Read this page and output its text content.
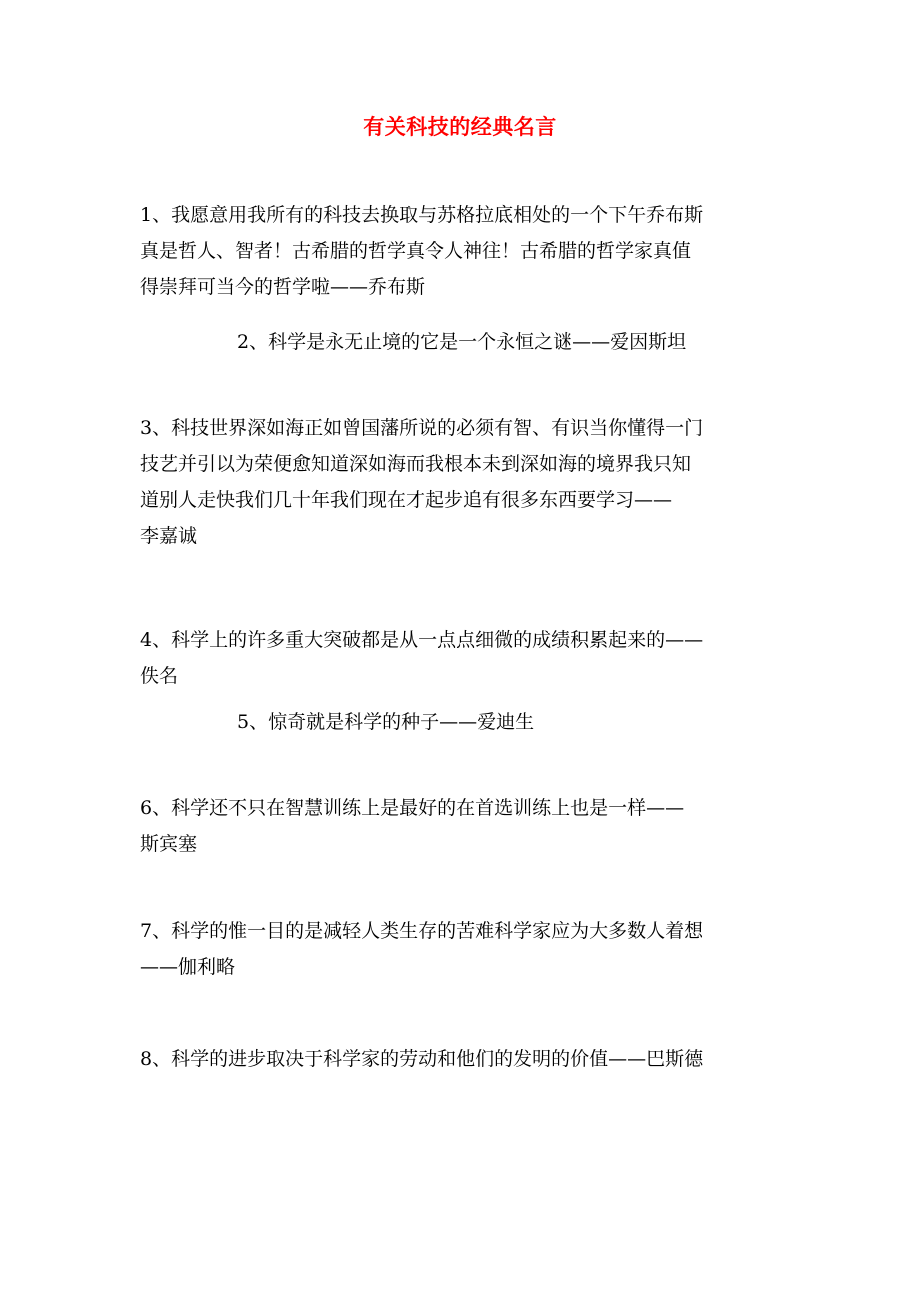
有关科技的经典名言
1、我愿意用我所有的科技去换取与苏格拉底相处的一个下午乔布斯
真是哲人、智者！古希腊的哲学真令人神往！古希腊的哲学家真值
得崇拜可当今的哲学啦——乔布斯
2、科学是永无止境的它是一个永恒之谜——爱因斯坦
3、科技世界深如海正如曾国藩所说的必须有智、有识当你懂得一门
技艺并引以为荣便愈知道深如海而我根本未到深如海的境界我只知
道别人走快我们几十年我们现在才起步追有很多东西要学习——
李嘉诚
4、科学上的许多重大突破都是从一点点细微的成绩积累起来的——
佚名
5、惊奇就是科学的种子——爱迪生
6、科学还不只在智慧训练上是最好的在首选训练上也是一样——
斯宾塞
7、科学的惟一目的是减轻人类生存的苦难科学家应为大多数人着想
——伽利略
8、科学的进步取决于科学家的劳动和他们的发明的价值——巴斯德
